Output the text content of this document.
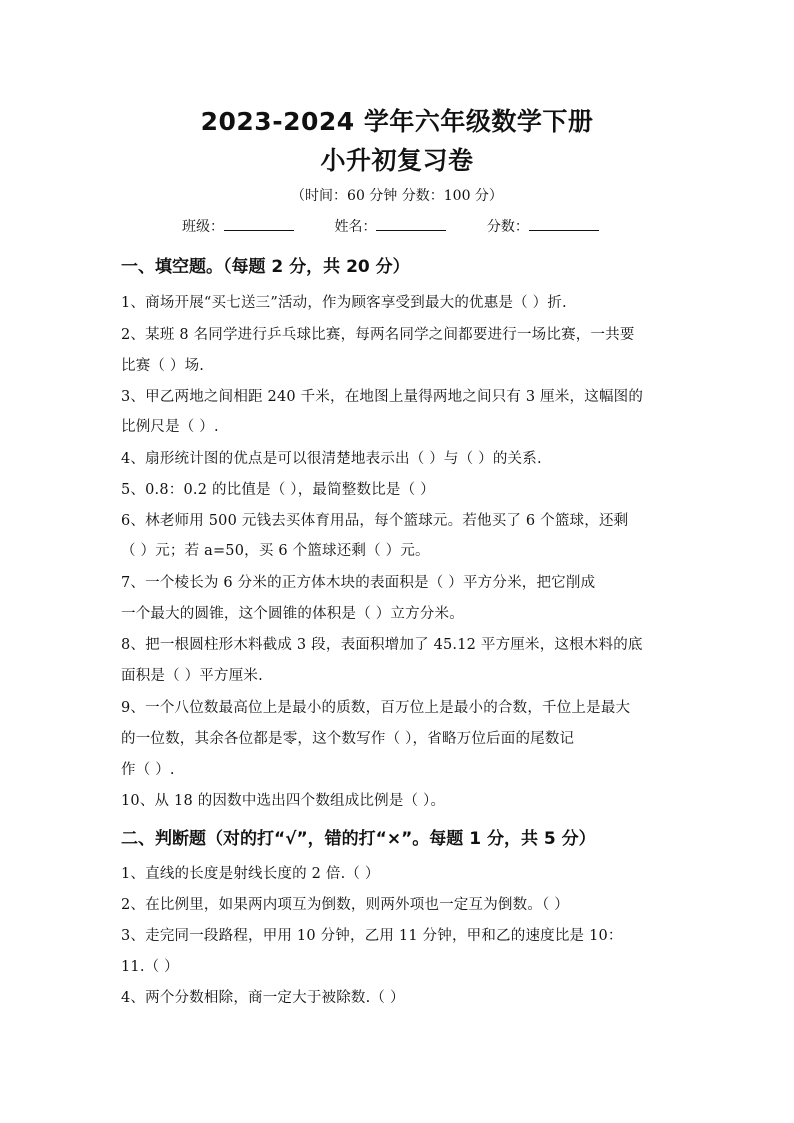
2023-2024 学年六年级数学下册
小升初复习卷
（时间：60 分钟 分数：100 分）
班级：	姓名：	分数：
一、填空题。（每题 2 分，共 20 分）
1、商场开展“买七送三”活动，作为顾客享受到最大的优惠是（ ）折.
2、某班 8 名同学进行乒乓球比赛，每两名同学之间都要进行一场比赛，一共要
比赛（ ）场.
3、甲乙两地之间相距 240 千米，在地图上量得两地之间只有 3 厘米，这幅图的
比例尺是（ ）.
4、扇形统计图的优点是可以很清楚地表示出（ ）与（ ）的关系.
5、0.8：0.2 的比值是（ ），最简整数比是（ ）
6、林老师用 500 元钱去买体育用品，每个篮球元。若他买了 6 个篮球，还剩
（ ）元；若 a=50，买 6 个篮球还剩（ ）元。
7、一个棱长为 6 分米的正方体木块的表面积是（ ）平方分米，把它削成
一个最大的圆锥，这个圆锥的体积是（ ）立方分米。
8、把一根圆柱形木料截成 3 段，表面积增加了 45.12 平方厘米，这根木料的底
面积是（ ）平方厘米.
9、一个八位数最高位上是最小的质数，百万位上是最小的合数，千位上是最大
的一位数，其余各位都是零，这个数写作（ ），省略万位后面的尾数记
作（ ）.
10、从 18 的因数中选出四个数组成比例是（ ）。
二、判断题（对的打“√”，错的打“×”。每题 1 分，共 5 分）
1、直线的长度是射线长度的 2 倍.（ ）
2、在比例里，如果两内项互为倒数，则两外项也一定互为倒数。（ ）
3、走完同一段路程，甲用 10 分钟，乙用 11 分钟，甲和乙的速度比是 10：
11.（ ）
4、两个分数相除，商一定大于被除数.（ ）
